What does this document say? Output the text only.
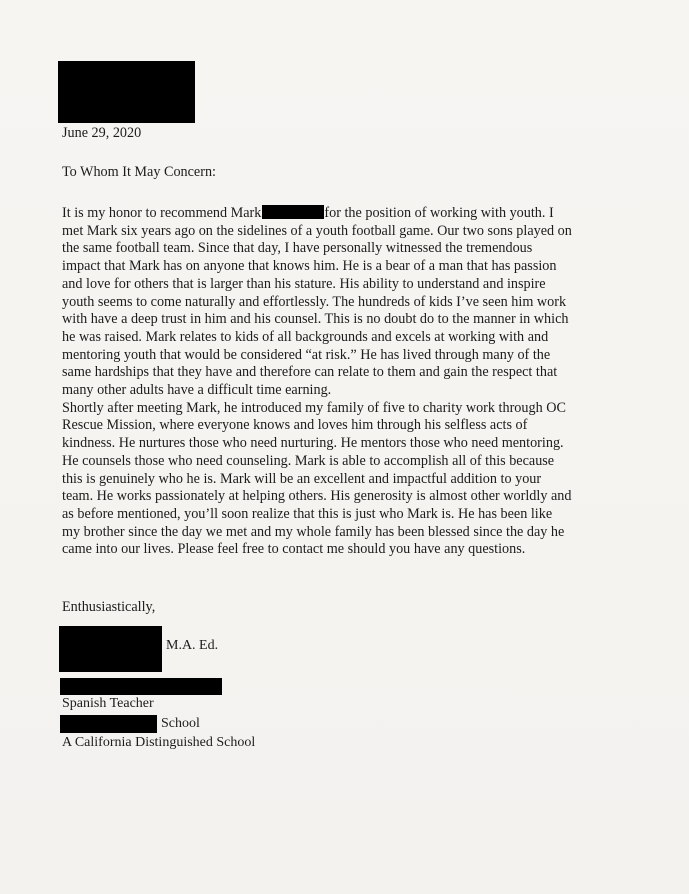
June 29, 2020
To Whom It May Concern:
It is my honor to recommend Mark	for the position of working with youth. I
met Mark six years ago on the sidelines of a youth football game. Our two sons played on
the same football team. Since that day, I have personally witnessed the tremendous
impact that Mark has on anyone that knows him. He is a bear of a man that has passion
and love for others that is larger than his stature. His ability to understand and inspire
youth seems to come naturally and effortlessly. The hundreds of kids I’ve seen him work
with have a deep trust in him and his counsel. This is no doubt do to the manner in which
he was raised. Mark relates to kids of all backgrounds and excels at working with and
mentoring youth that would be considered “at risk.” He has lived through many of the
same hardships that they have and therefore can relate to them and gain the respect that
many other adults have a difficult time earning.
Shortly after meeting Mark, he introduced my family of five to charity work through OC
Rescue Mission, where everyone knows and loves him through his selfless acts of
kindness. He nurtures those who need nurturing. He mentors those who need mentoring.
He counsels those who need counseling. Mark is able to accomplish all of this because
this is genuinely who he is. Mark will be an excellent and impactful addition to your
team. He works passionately at helping others. His generosity is almost other worldly and
as before mentioned, you’ll soon realize that this is just who Mark is. He has been like
my brother since the day we met and my whole family has been blessed since the day he
came into our lives. Please feel free to contact me should you have any questions.
Enthusiastically,
M.A. Ed.
Spanish Teacher
School
A California Distinguished School
